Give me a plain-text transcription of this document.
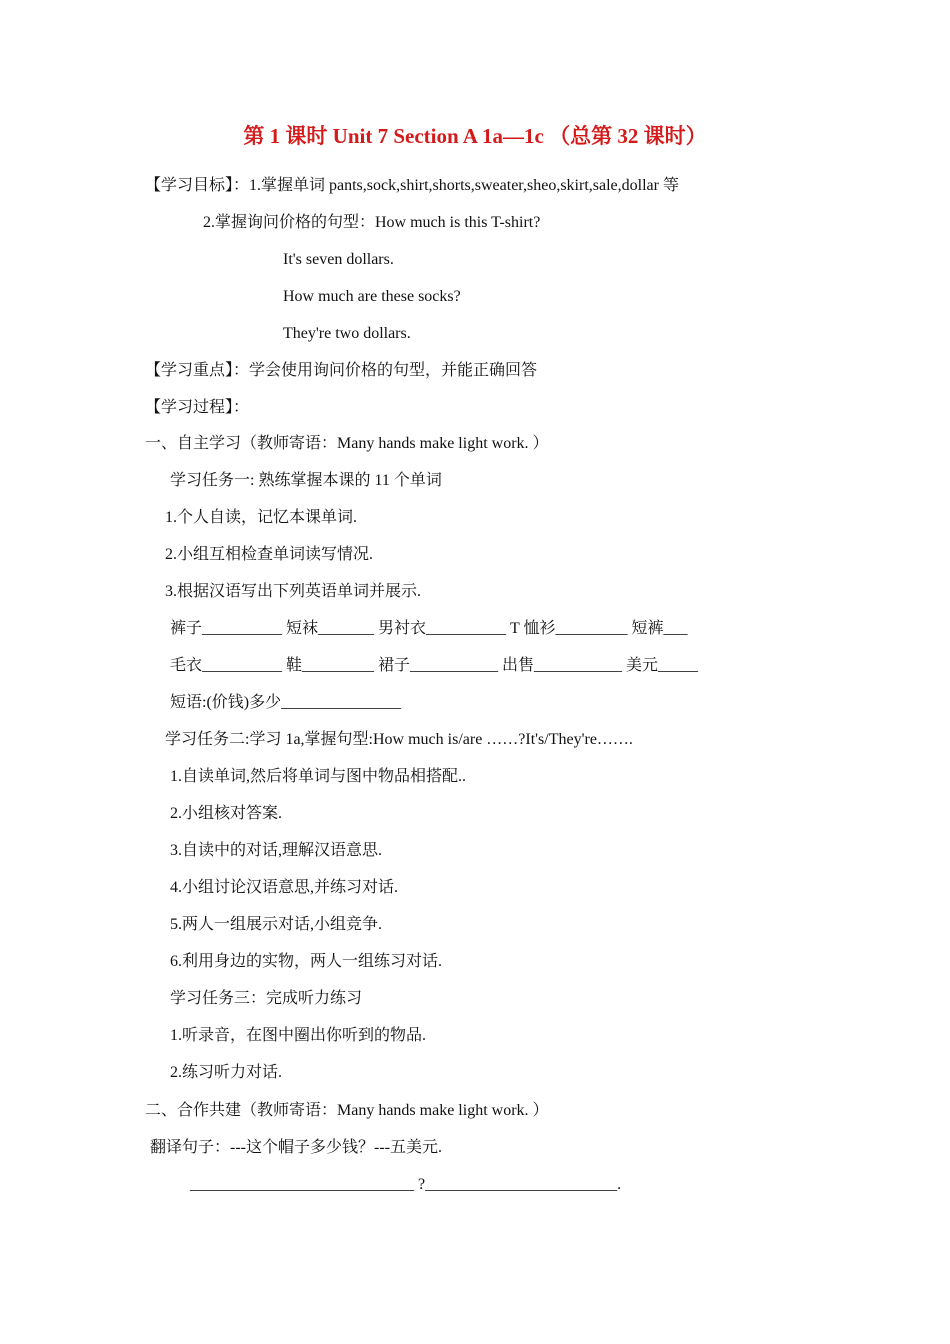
第 1 课时 Unit 7 Section A 1a—1c （总第 32 课时）
【学习目标】：1.掌握单词 pants,sock,shirt,shorts,sweater,sheo,skirt,sale,dollar 等
2.掌握询问价格的句型：How much is this T-shirt?
It's seven dollars.
How much are these socks?
They're two dollars.
【学习重点】：学会使用询问价格的句型，并能正确回答
【学习过程】：
一、自主学习（教师寄语：Many hands make light work. ）
学习任务一: 熟练掌握本课的 11 个单词
1.个人自读，记忆本课单词.
2.小组互相检查单词读写情况.
3.根据汉语写出下列英语单词并展示.
裤子__________ 短袜_______ 男衬衣__________ T 恤衫_________ 短裤___
毛衣__________ 鞋_________ 裙子___________ 出售___________ 美元_____
短语:(价钱)多少_______________
学习任务二:学习 1a,掌握句型:How much is/are ……?It's/They're…….
1.自读单词,然后将单词与图中物品相搭配..
2.小组核对答案.
3.自读中的对话,理解汉语意思.
4.小组讨论汉语意思,并练习对话.
5.两人一组展示对话,小组竞争.
6.利用身边的实物，两人一组练习对话.
学习任务三：完成听力练习
1.听录音，在图中圈出你听到的物品.
2.练习听力对话.
二、合作共建（教师寄语：Many hands make light work. ）
翻译句子：---这个帽子多少钱？---五美元.
____________________________ ?________________________.
